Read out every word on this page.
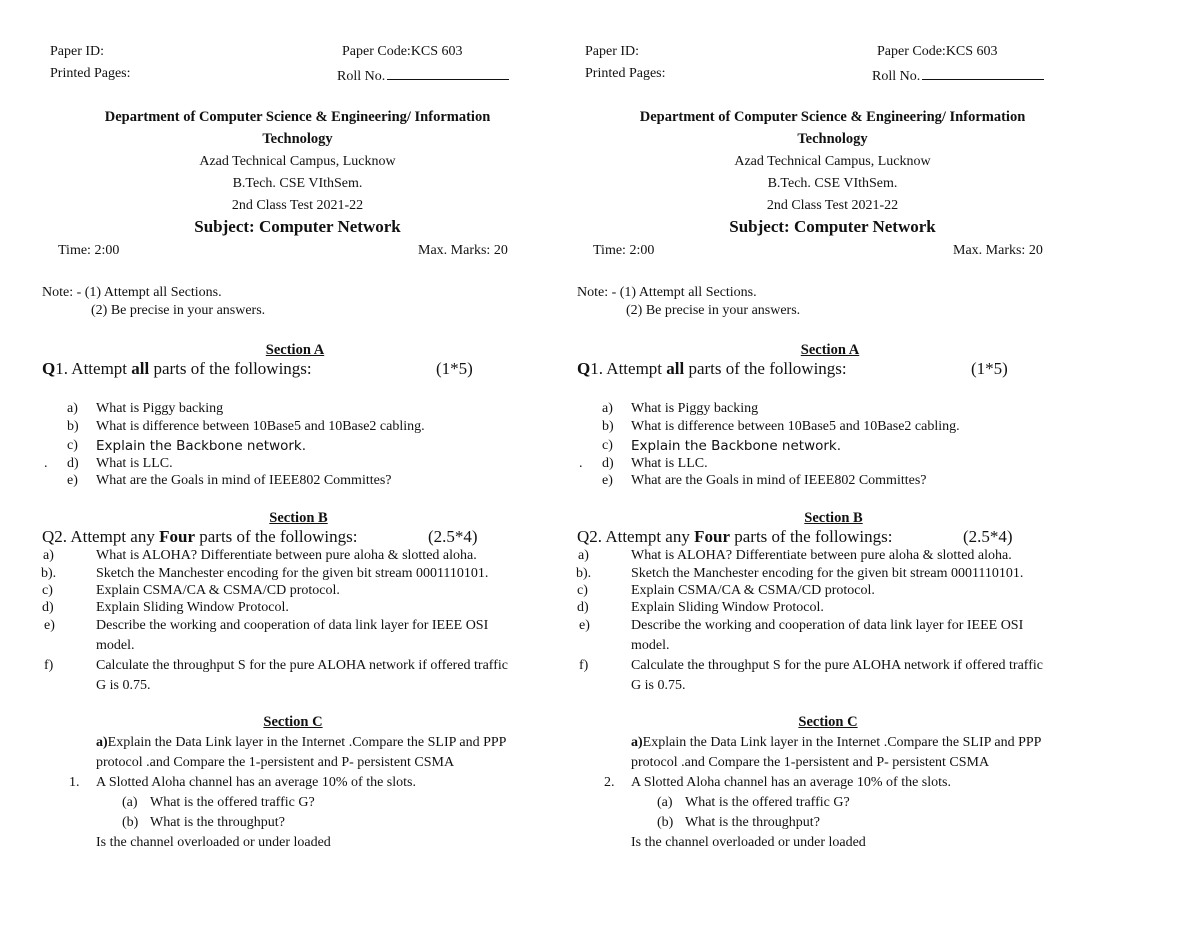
Paper ID:	Paper Code:KCS 603
Printed Pages:	Roll No.
Department of Computer Science & Engineering/ Information
Technology
Azad Technical Campus, Lucknow
B.Tech. CSE VIthSem.
2nd Class Test 2021-22
Subject: Computer Network
Time: 2:00	Max. Marks: 20
Note: - (1) Attempt all Sections.
(2) Be precise in your answers.
Section A
Q1. Attempt all parts of the followings:	(1*5)
a) What is Piggy backing
b) What is difference between 10Base5 and 10Base2 cabling.
c) Explain the Backbone network.
. d) What is LLC.
e) What are the Goals in mind of IEEE802 Committes?
Section B
Q2. Attempt any Four parts of the followings:	(2.5*4)
a)	What is ALOHA? Differentiate between pure aloha & slotted aloha.
b).	Sketch the Manchester encoding for the given bit stream 0001110101.
c)	Explain CSMA/CA & CSMA/CD protocol.
d)	Explain Sliding Window Protocol.
e)	Describe the working and cooperation of data link layer for IEEE OSI
model.
f)	Calculate the throughput S for the pure ALOHA network if offered traffic
G is 0.75.
Section C
a)Explain the Data Link layer in the Internet .Compare the SLIP and PPP
protocol .and Compare the 1-persistent and P- persistent CSMA
1. A Slotted Aloha channel has an average 10% of the slots.
(a) What is the offered traffic G?
(b) What is the throughput?
Is the channel overloaded or under loaded
Paper ID:	Paper Code:KCS 603
Printed Pages:	Roll No.
Department of Computer Science & Engineering/ Information
Technology
Azad Technical Campus, Lucknow
B.Tech. CSE VIthSem.
2nd Class Test 2021-22
Subject: Computer Network
Time: 2:00	Max. Marks: 20
Note: - (1) Attempt all Sections.
(2) Be precise in your answers.
Section A
Q1. Attempt all parts of the followings:	(1*5)
a) What is Piggy backing
b) What is difference between 10Base5 and 10Base2 cabling.
c) Explain the Backbone network.
. d) What is LLC.
e) What are the Goals in mind of IEEE802 Committes?
Section B
Q2. Attempt any Four parts of the followings:	(2.5*4)
a)	What is ALOHA? Differentiate between pure aloha & slotted aloha.
b).	Sketch the Manchester encoding for the given bit stream 0001110101.
c)	Explain CSMA/CA & CSMA/CD protocol.
d)	Explain Sliding Window Protocol.
e)	Describe the working and cooperation of data link layer for IEEE OSI
model.
f)	Calculate the throughput S for the pure ALOHA network if offered traffic
G is 0.75.
Section C
a)Explain the Data Link layer in the Internet .Compare the SLIP and PPP
protocol .and Compare the 1-persistent and P- persistent CSMA
2. A Slotted Aloha channel has an average 10% of the slots.
(a) What is the offered traffic G?
(b) What is the throughput?
Is the channel overloaded or under loaded
